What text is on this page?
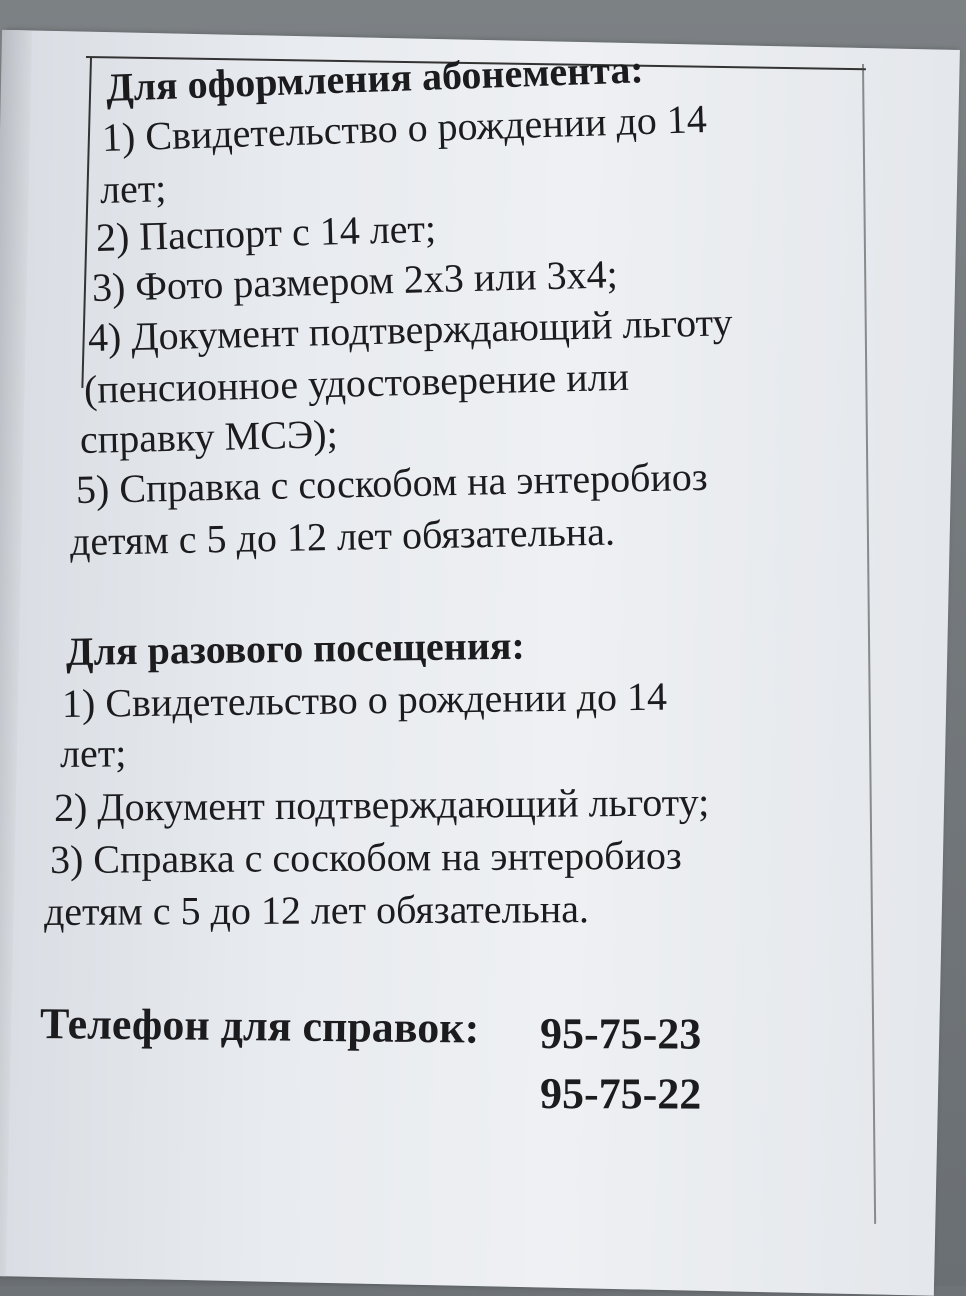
Для оформления абонемента:
1) Свидетельство о рождении до 14
лет;
2) Паспорт с 14 лет;
3) Фото размером 2х3 или 3х4;
4) Документ подтверждающий льготу
(пенсионное удостоверение или
справку МСЭ);
5) Справка с соскобом на энтеробиоз
детям с 5 до 12 лет обязательна.
Для разового посещения:
1) Свидетельство о рождении до 14
лет;
2) Документ подтверждающий льготу;
3) Справка с соскобом на энтеробиоз
детям с 5 до 12 лет обязательна.
Телефон для справок: 95-75-23
95-75-22
